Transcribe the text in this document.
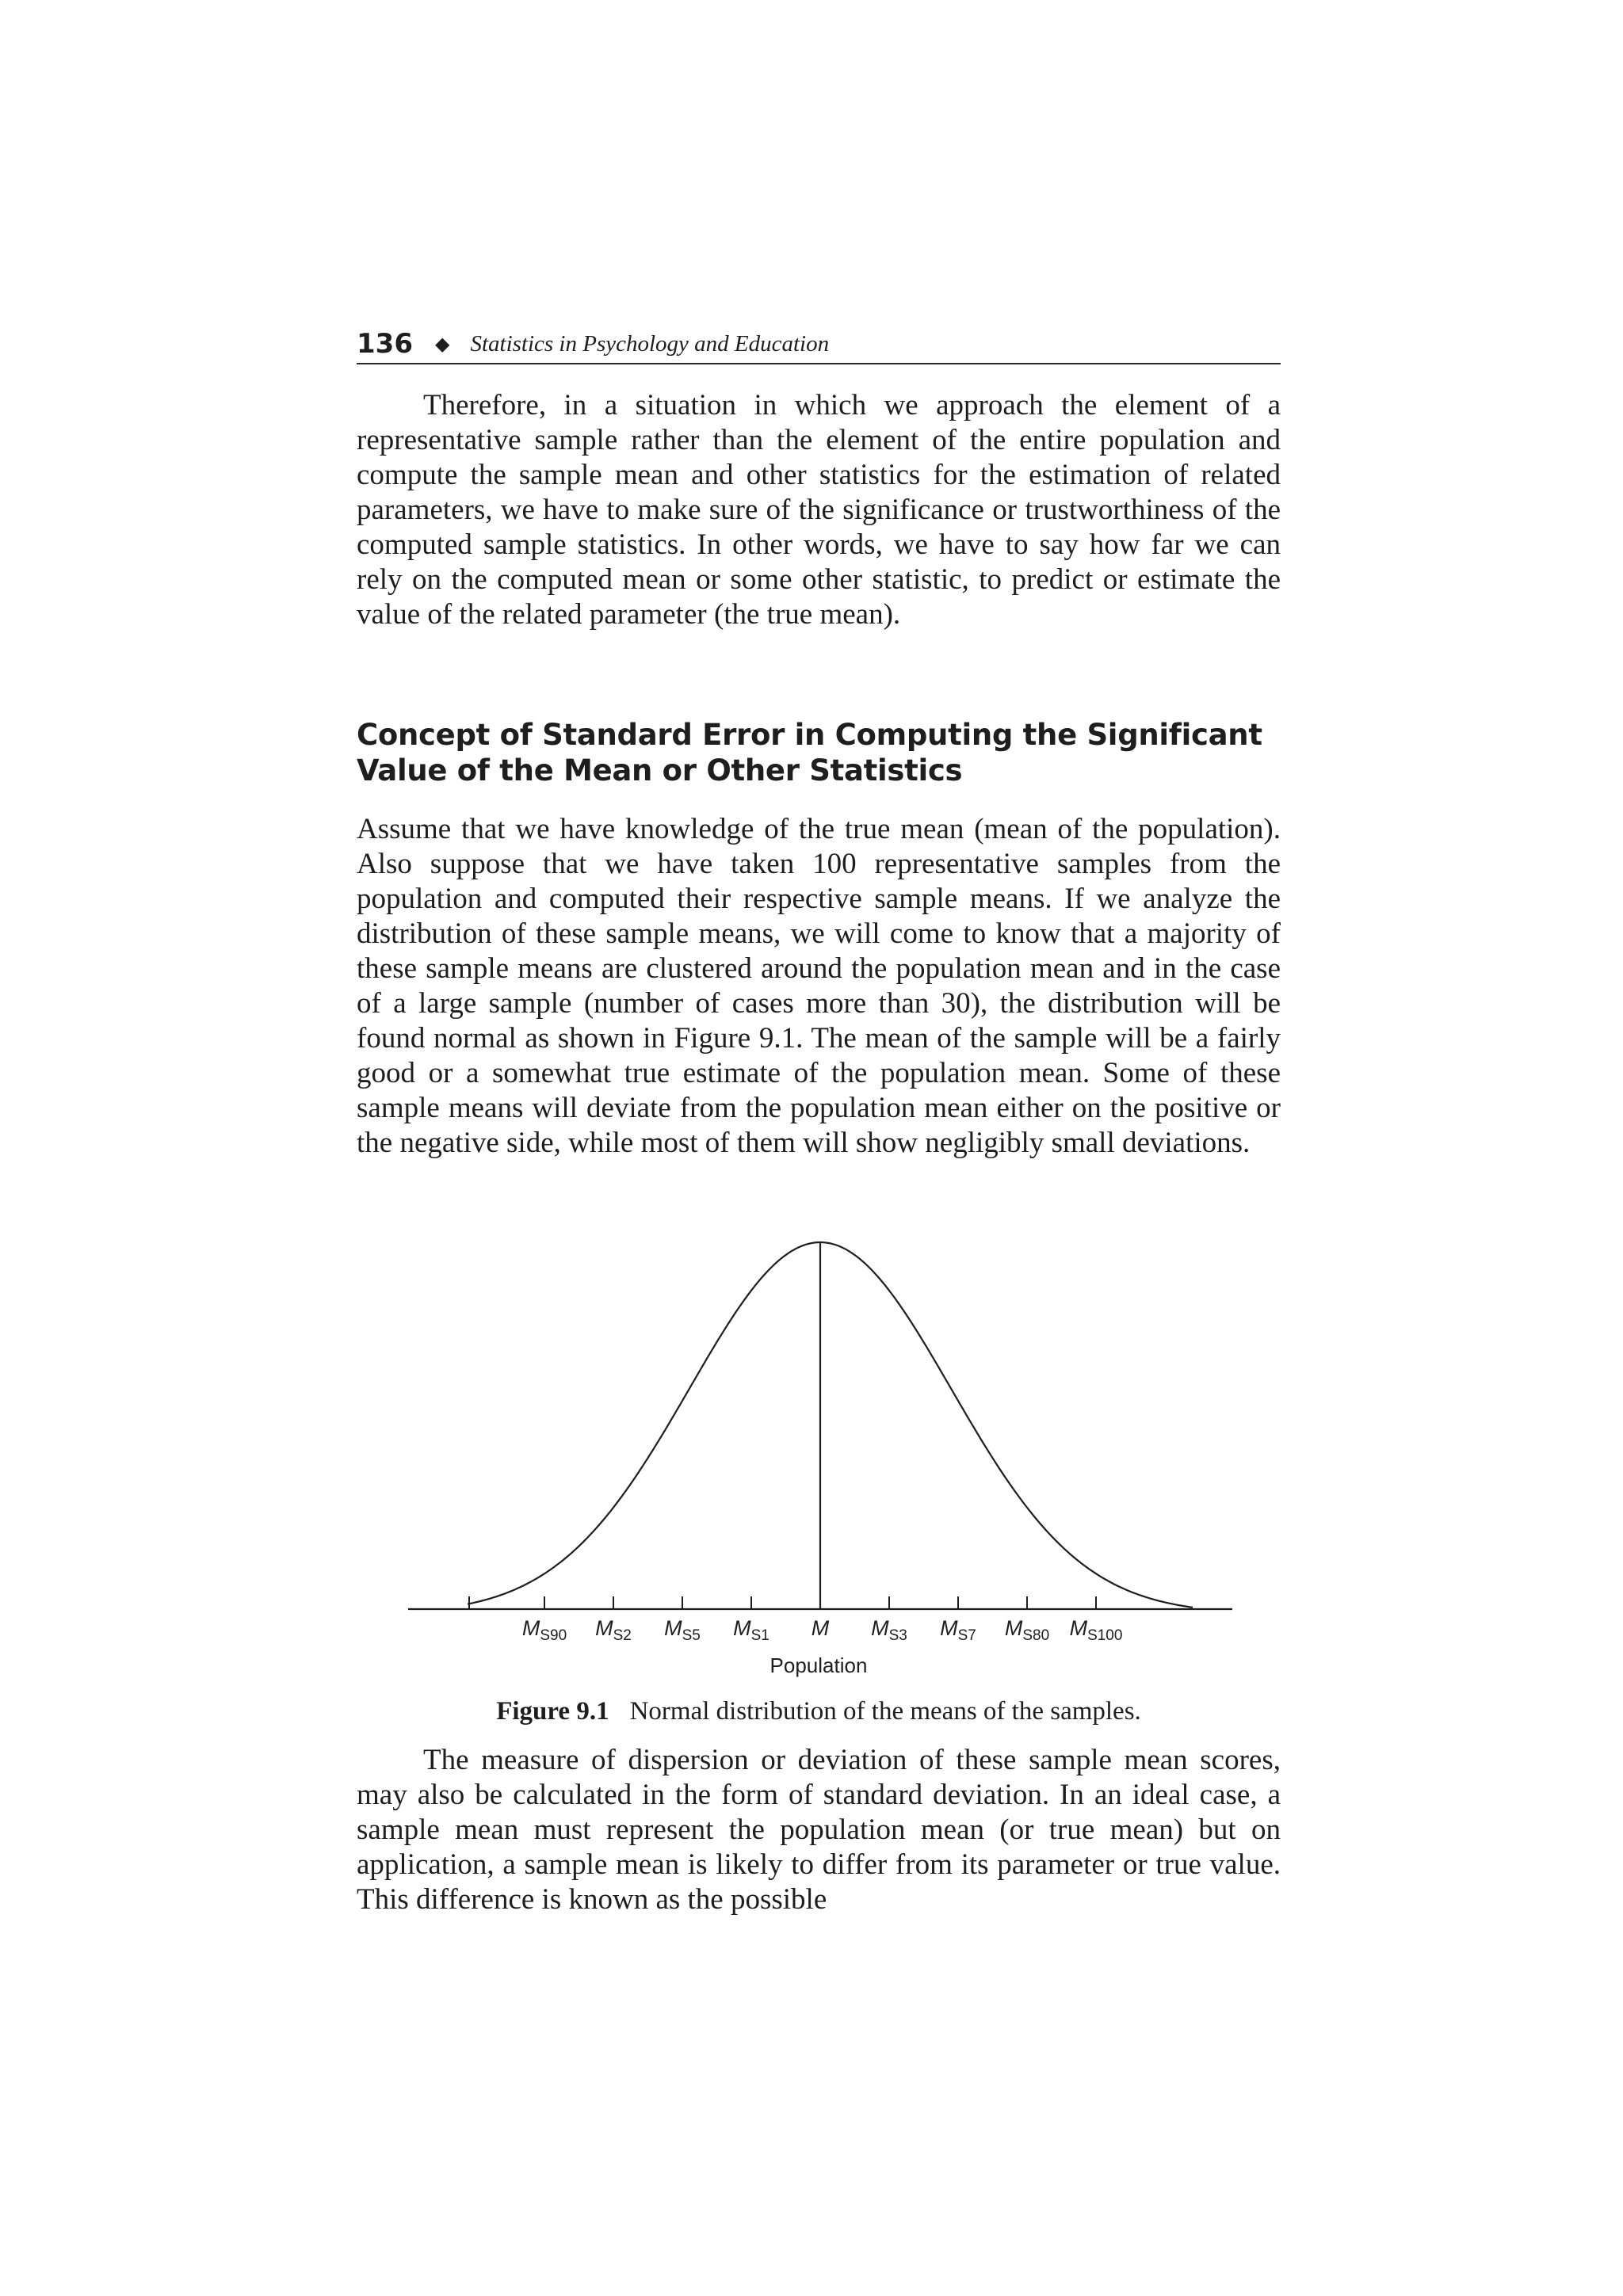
136 ◆ Statistics in Psychology and Education

Therefore, in a situation in which we approach the element of a representative sample rather than the element of the entire population and compute the sample mean and other statistics for the estimation of related parameters, we have to make sure of the significance or trustworthiness of the computed sample statistics. In other words, we have to say how far we can rely on the computed mean or some other statistic, to predict or estimate the value of the related parameter (the true mean).

Concept of Standard Error in Computing the Significant Value of the Mean or Other Statistics

Assume that we have knowledge of the true mean (mean of the population). Also suppose that we have taken 100 representative samples from the population and computed their respective sample means. If we analyze the distribution of these sample means, we will come to know that a majority of these sample means are clustered around the population mean and in the case of a large sample (number of cases more than 30), the distribution will be found normal as shown in Figure 9.1. The mean of the sample will be a fairly good or a somewhat true estimate of the population mean. Some of these sample means will deviate from the population mean either on the positive or the negative side, while most of them will show negligibly small deviations.

MS90 MS2 MS5 MS1 M MS3 MS7 MS80 MS100
Population

Figure 9.1 Normal distribution of the means of the samples.

The measure of dispersion or deviation of these sample mean scores, may also be calculated in the form of standard deviation. In an ideal case, a sample mean must represent the population mean (or true mean) but on application, a sample mean is likely to differ from its parameter or true value. This difference is known as the possible
